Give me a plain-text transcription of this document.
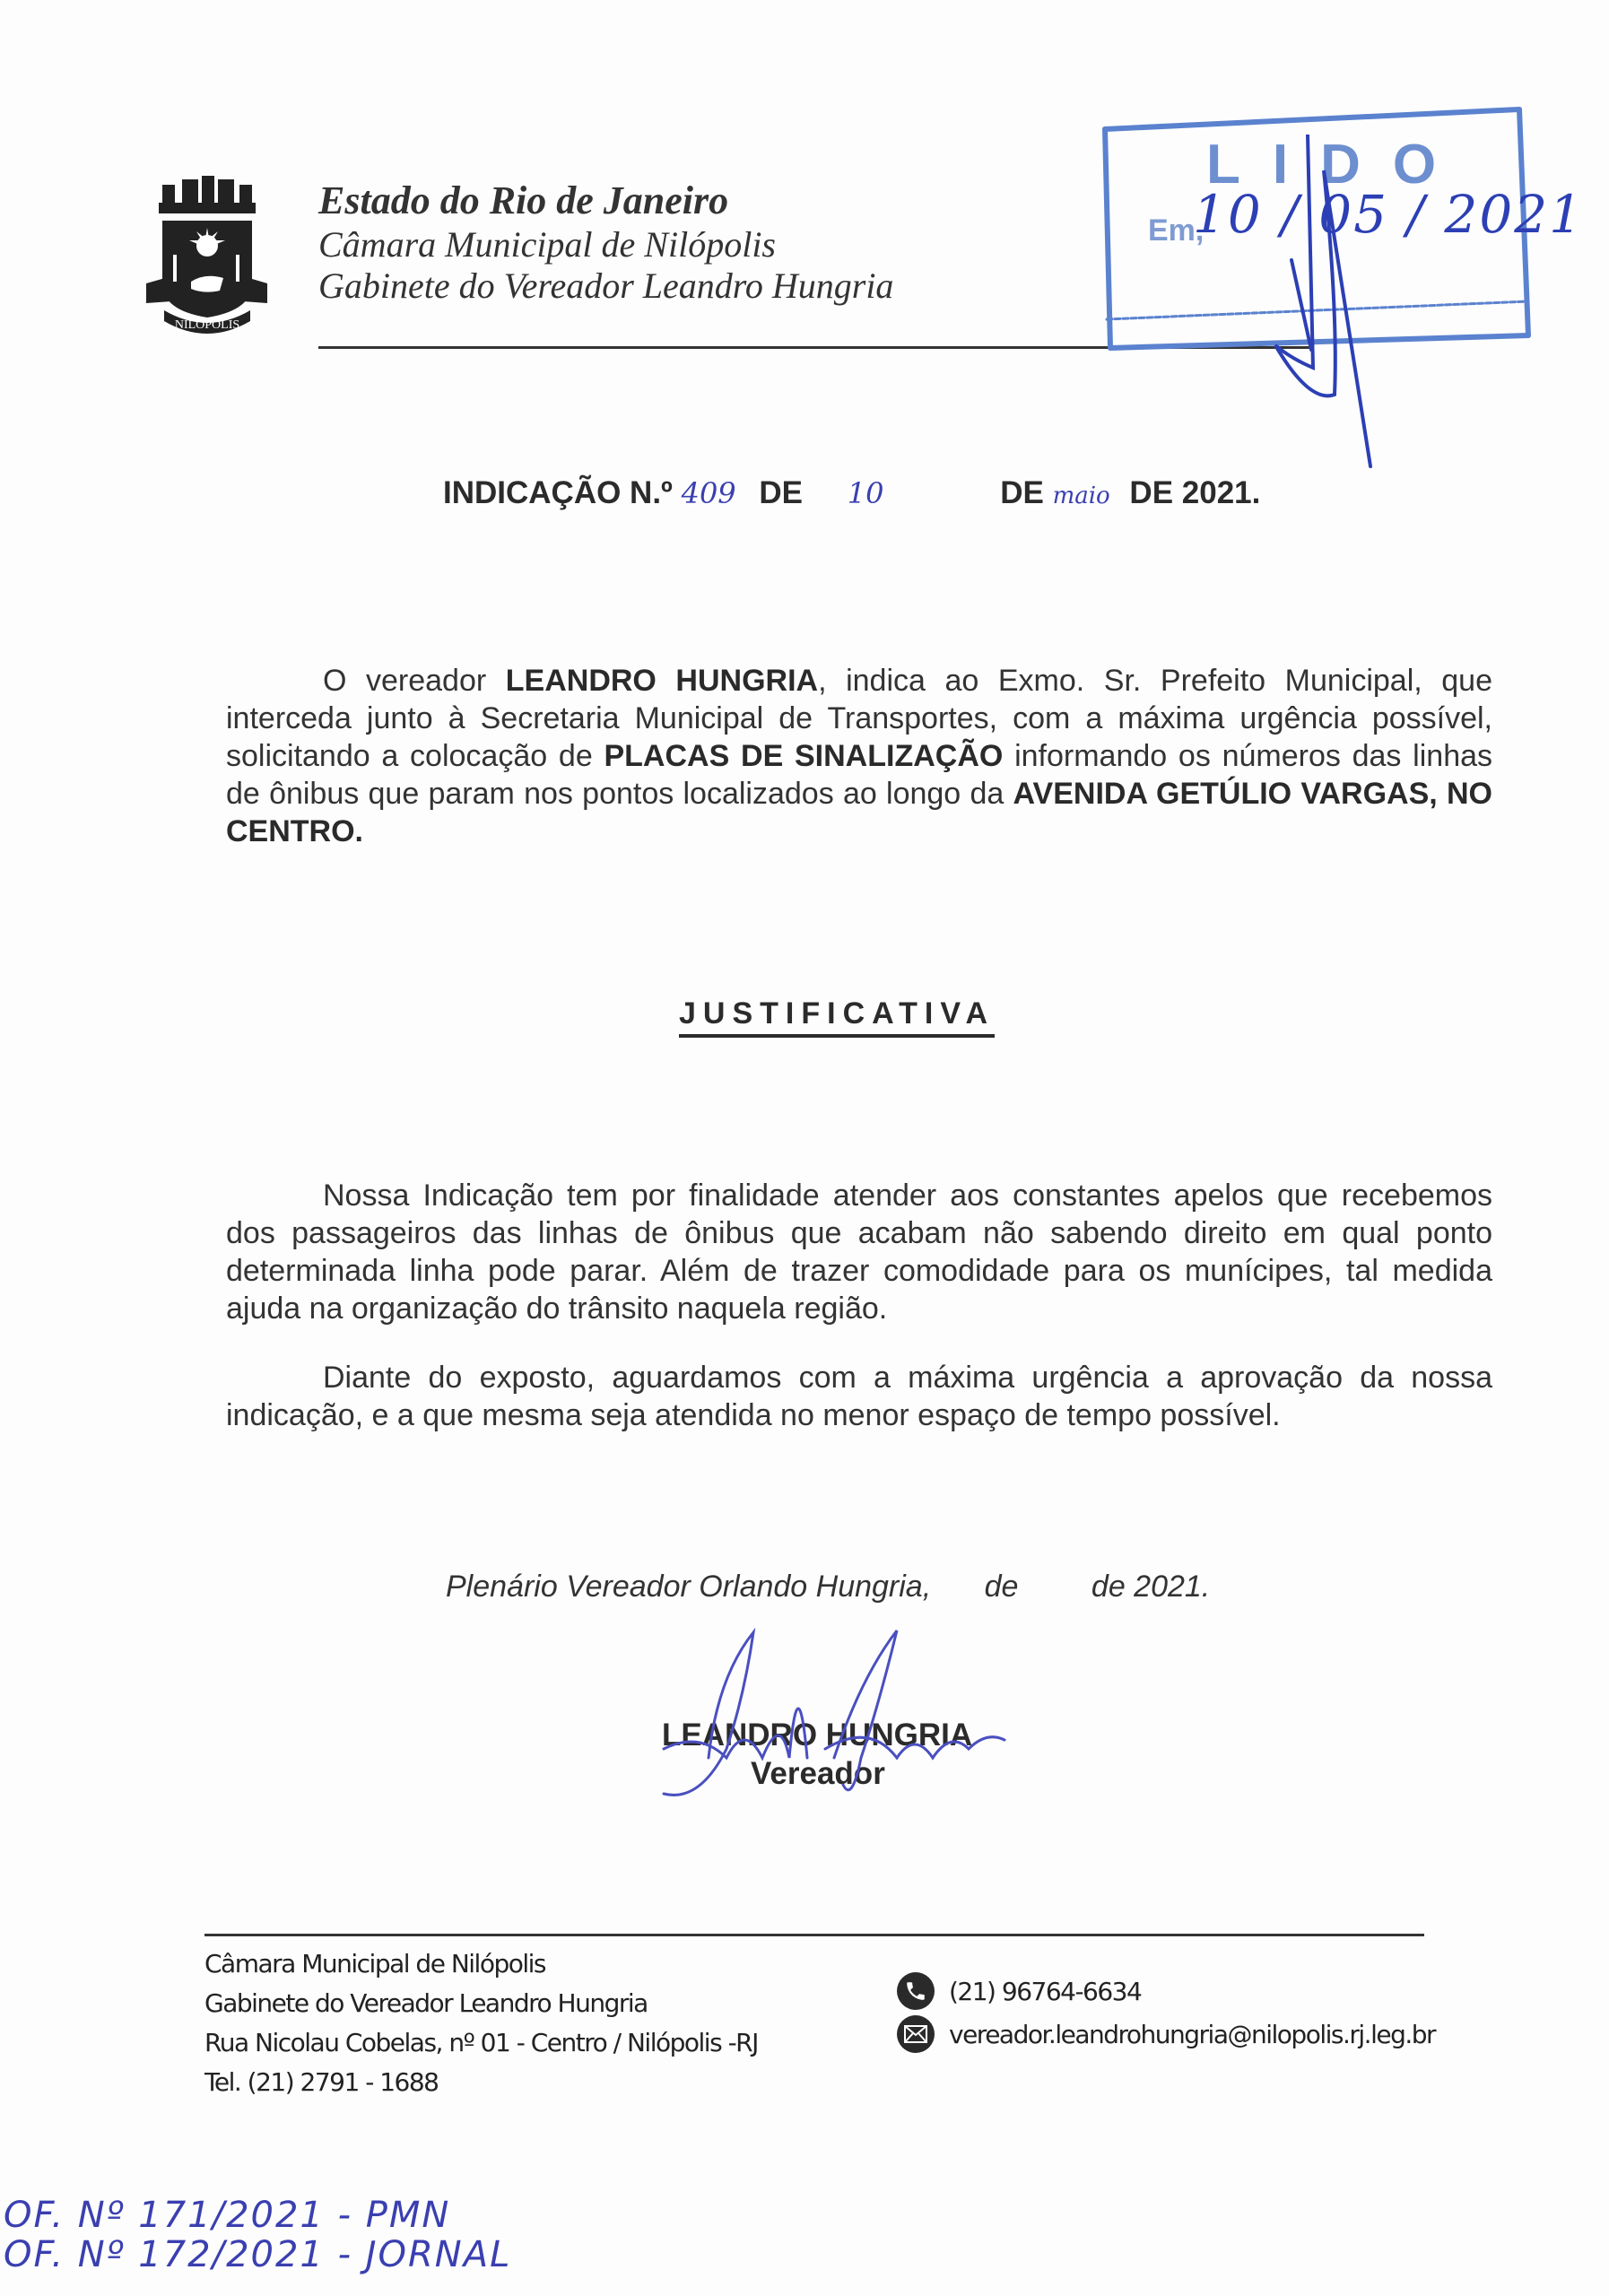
NILÓPOLIS
Estado do Rio de Janeiro
Câmara Municipal de Nilópolis
Gabinete do Vereador Leandro Hungria
LIDO
Em,
10 / 05 / 2021
INDICAÇÃO N.º 409 DE 10	DE maio DE 2021.
O vereador LEANDRO HUNGRIA, indica ao Exmo. Sr. Prefeito Municipal, que interceda junto à Secretaria Municipal de Transportes, com a máxima urgência possível, solicitando a colocação de PLACAS DE SINALIZAÇÃO informando os números das linhas de ônibus que param nos pontos localizados ao longo da AVENIDA GETÚLIO VARGAS, NO CENTRO.
JUSTIFICATIVA
Nossa Indicação tem por finalidade atender aos constantes apelos que recebemos dos passageiros das linhas de ônibus que acabam não sabendo direito em qual ponto determinada linha pode parar. Além de trazer comodidade para os munícipes, tal medida ajuda na organização do trânsito naquela região.
Diante do exposto, aguardamos com a máxima urgência a aprovação da nossa indicação, e a que mesma seja atendida no menor espaço de tempo possível.
Plenário Vereador Orlando Hungria, de de 2021.
LEANDRO HUNGRIA
Vereador
Câmara Municipal de Nilópolis
Gabinete do Vereador Leandro Hungria
Rua Nicolau Cobelas, nº 01 - Centro / Nilópolis -RJ
Tel. (21) 2791 - 1688
(21) 96764-6634
vereador.leandrohungria@nilopolis.rj.leg.br
OF. Nº 171/2021 - PMN
OF. Nº 172/2021 - JORNAL
